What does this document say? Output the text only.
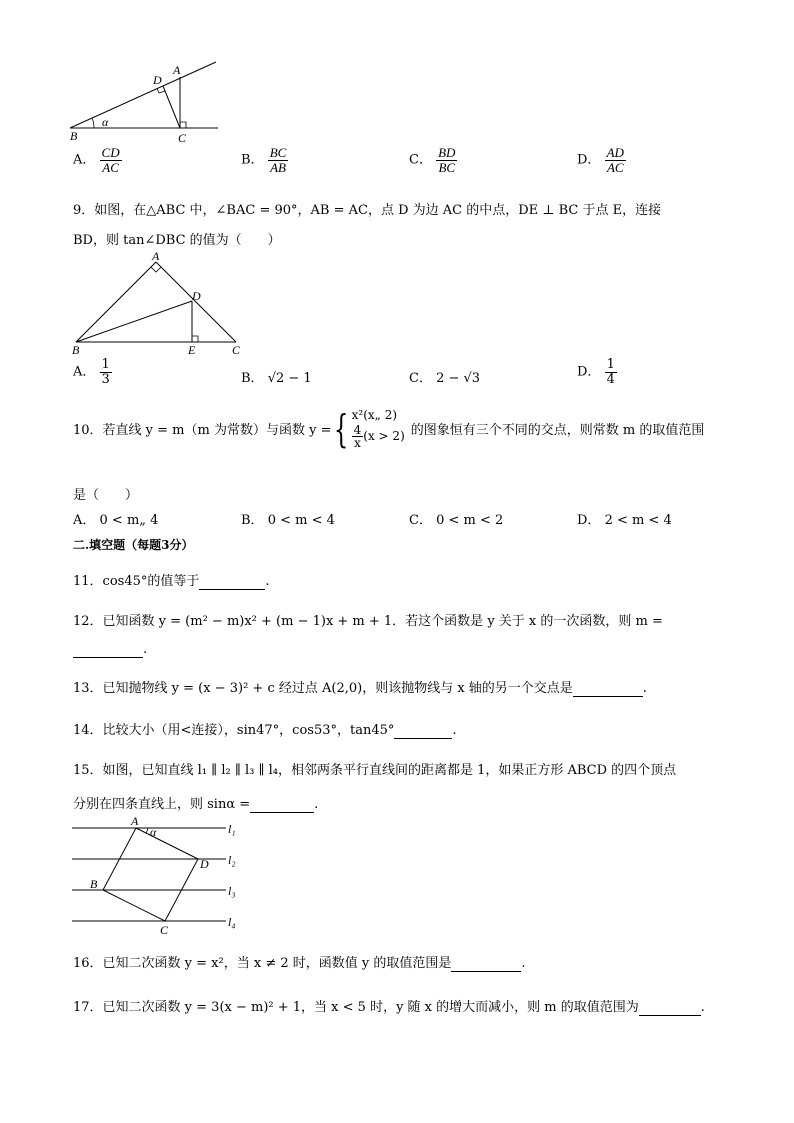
A
D
B	C
α
A． $\frac{CD}{AC}$	B． $\frac{BC}{AB}$	C． $\frac{BD}{BC}$	D． $\frac{AD}{AC}$
9．如图，在△ABC 中，∠BAC = 90°，AB = AC，点 D 为边 AC 的中点，DE ⊥ BC 于点 E，连接
BD，则 tan∠DBC 的值为（　　）
A
D
B	E	C
A． $\frac{1}{3}$	B． √2 − 1	C． 2 − √3	D． $\frac{1}{4}$
10．若直线 y = m（m 为常数）与函数 y = { x²(x„ 2)
$\frac{4}{x} (x > 2)$ 的图象恒有三个不同的交点，则常数 m 的取值范围
是（　　）
A． 0 < m„ 4	B． 0 < m < 4	C． 0 < m < 2	D． 2 < m < 4
二.填空题（每题3分）
11．cos45°的值等于	.
12．已知函数 y = (m² − m)x² + (m − 1)x + m + 1．若这个函数是 y 关于 x 的一次函数，则 m =
.
13．已知抛物线 y = (x − 3)² + c 经过点 A(2,0)，则该抛物线与 x 轴的另一个交点是	.
14．比较大小（用<连接），sin47°，cos53°，tan45°	.
15．如图，已知直线 l₁ ∥ l₂ ∥ l₃ ∥ l₄，相邻两条平行直线间的距离都是 1，如果正方形 ABCD 的四个顶点
分别在四条直线上，则 sinα =	.
A
α
D
B
C
l₁
l₂
l₃
l₄
16．已知二次函数 y = x²，当 x ≠ 2 时，函数值 y 的取值范围是	.
17．已知二次函数 y = 3(x − m)² + 1，当 x < 5 时，y 随 x 的增大而减小，则 m 的取值范围为	.
